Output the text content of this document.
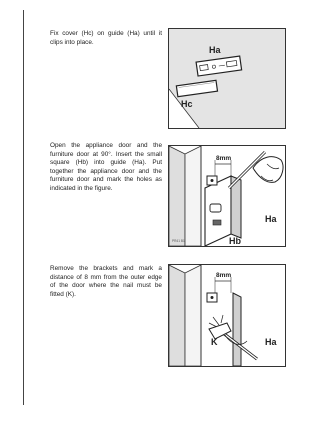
Fix cover (Hc) on guide (Ha) until it clips into place.

Ha
Hc

Open the appliance door and the furniture door at 90°. Insert the small square (Hb) into guide (Ha). Put together the appliance door and the furniture door and mark the holes as indicated in the figure.

8mm
Ha
Hb
PR41 B1

Remove the brackets and mark a distance of 8 mm from the outer edge of the door where the nail must be fitted (K).

8mm
K	Ha
